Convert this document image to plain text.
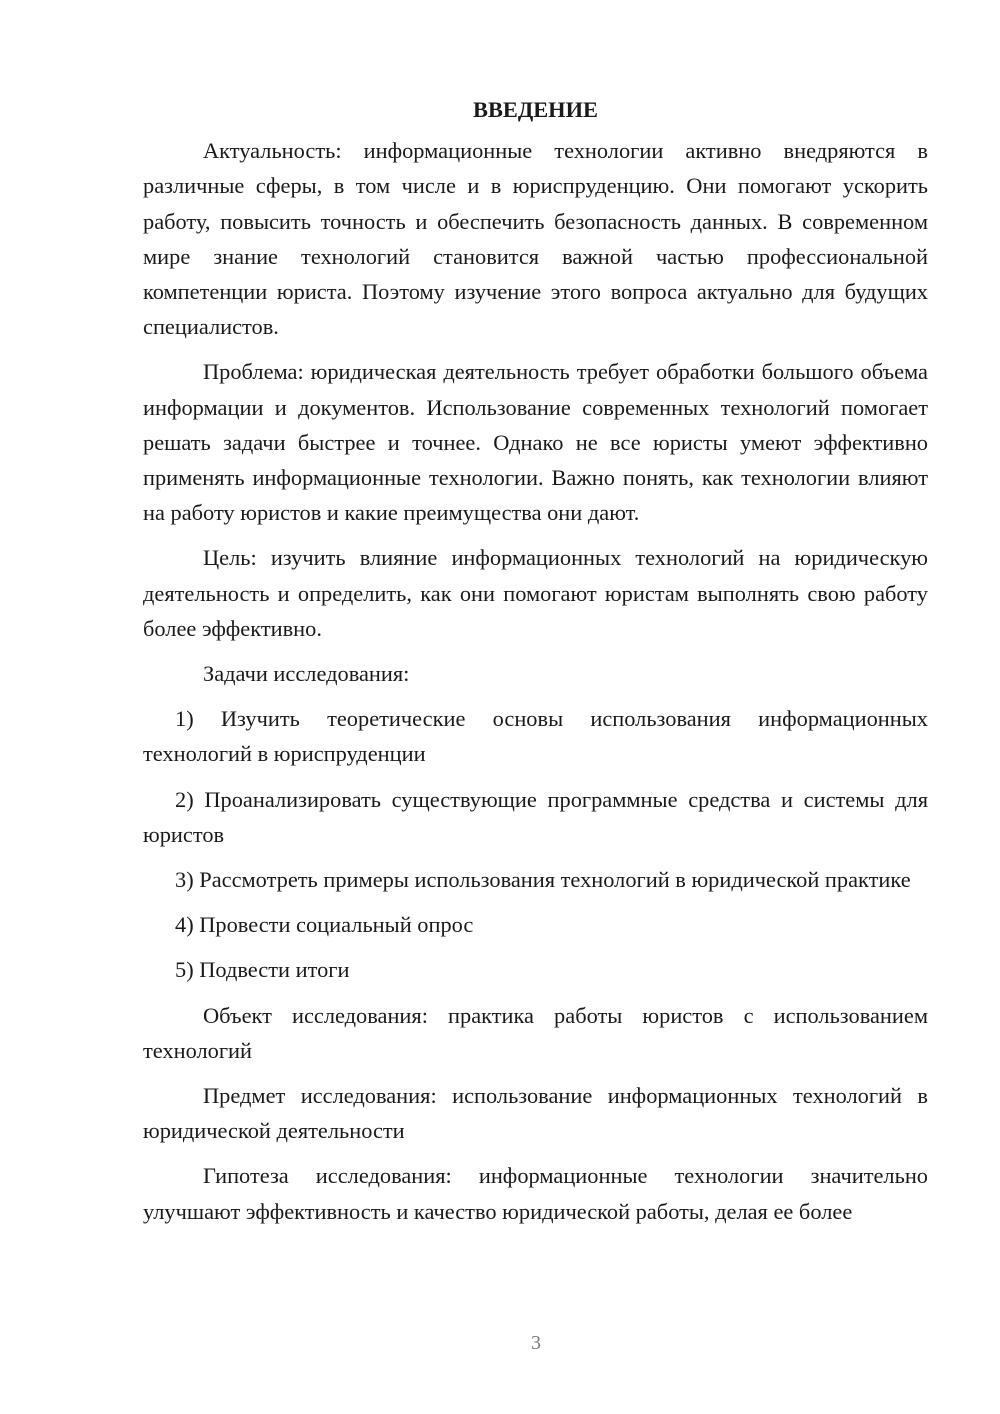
ВВЕДЕНИЕ

Актуальность: информационные технологии активно внедряются в различные сферы, в том числе и в юриспруденцию. Они помогают ускорить работу, повысить точность и обеспечить безопасность данных. В современном мире знание технологий становится важной частью профессиональной компетенции юриста. Поэтому изучение этого вопроса актуально для будущих специалистов.

Проблема: юридическая деятельность требует обработки большого объема информации и документов. Использование современных технологий помогает решать задачи быстрее и точнее. Однако не все юристы умеют эффективно применять информационные технологии. Важно понять, как технологии влияют на работу юристов и какие преимущества они дают.

Цель: изучить влияние информационных технологий на юридическую деятельность и определить, как они помогают юристам выполнять свою работу более эффективно.

Задачи исследования:

1) Изучить теоретические основы использования информационных технологий в юриспруденции

2) Проанализировать существующие программные средства и системы для юристов

3) Рассмотреть примеры использования технологий в юридической практике

4) Провести социальный опрос

5) Подвести итоги

Объект исследования: практика работы юристов с использованием технологий

Предмет исследования: использование информационных технологий в юридической деятельности

Гипотеза исследования: информационные технологии значительно улучшают эффективность и качество юридической работы, делая ее более

3
